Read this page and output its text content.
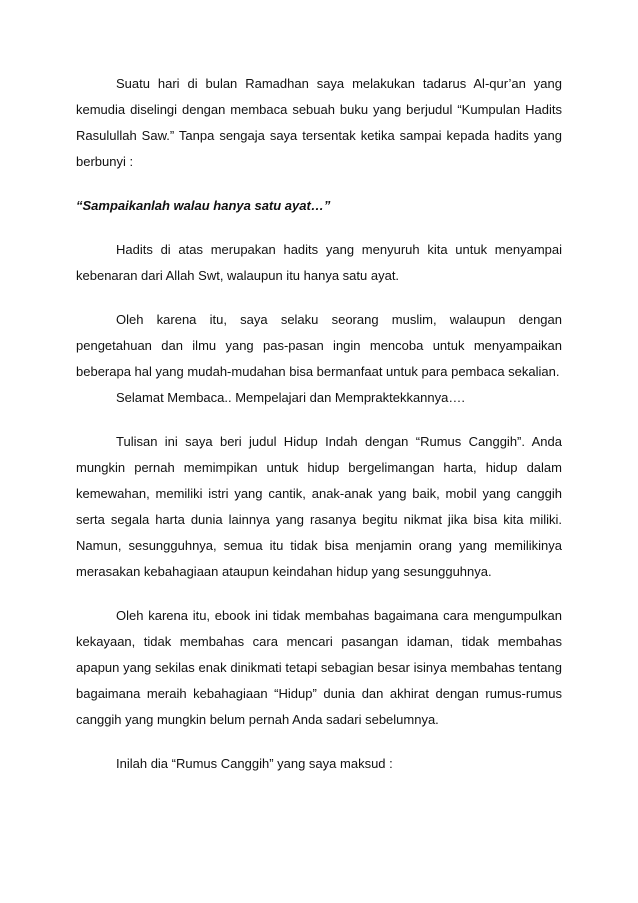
Suatu hari di bulan Ramadhan saya melakukan tadarus Al-qur’an yang kemudia diselingi dengan membaca sebuah buku yang berjudul “Kumpulan Hadits Rasulullah Saw.” Tanpa sengaja saya tersentak ketika sampai kepada hadits yang berbunyi :

“Sampaikanlah walau hanya satu ayat…”

Hadits di atas merupakan hadits yang menyuruh kita untuk menyampai kebenaran dari Allah Swt, walaupun itu hanya satu ayat.

Oleh karena itu, saya selaku seorang muslim, walaupun dengan pengetahuan dan ilmu yang pas-pasan ingin mencoba untuk menyampaikan beberapa hal yang mudah-mudahan bisa bermanfaat untuk para pembaca sekalian.

Selamat Membaca.. Mempelajari dan Mempraktekkannya….

Tulisan ini saya beri judul Hidup Indah dengan “Rumus Canggih”. Anda mungkin pernah memimpikan untuk hidup bergelimangan harta, hidup dalam kemewahan, memiliki istri yang cantik, anak-anak yang baik, mobil yang canggih serta segala harta dunia lainnya yang rasanya begitu nikmat jika bisa kita miliki. Namun, sesungguhnya, semua itu tidak bisa menjamin orang yang memilikinya merasakan kebahagiaan ataupun keindahan hidup yang sesungguhnya.

Oleh karena itu, ebook ini tidak membahas bagaimana cara mengumpulkan kekayaan, tidak membahas cara mencari pasangan idaman, tidak membahas apapun yang sekilas enak dinikmati tetapi sebagian besar isinya membahas tentang bagaimana meraih kebahagiaan “Hidup” dunia dan akhirat dengan rumus-rumus canggih yang mungkin belum pernah Anda sadari sebelumnya.

Inilah dia “Rumus Canggih” yang saya maksud :
